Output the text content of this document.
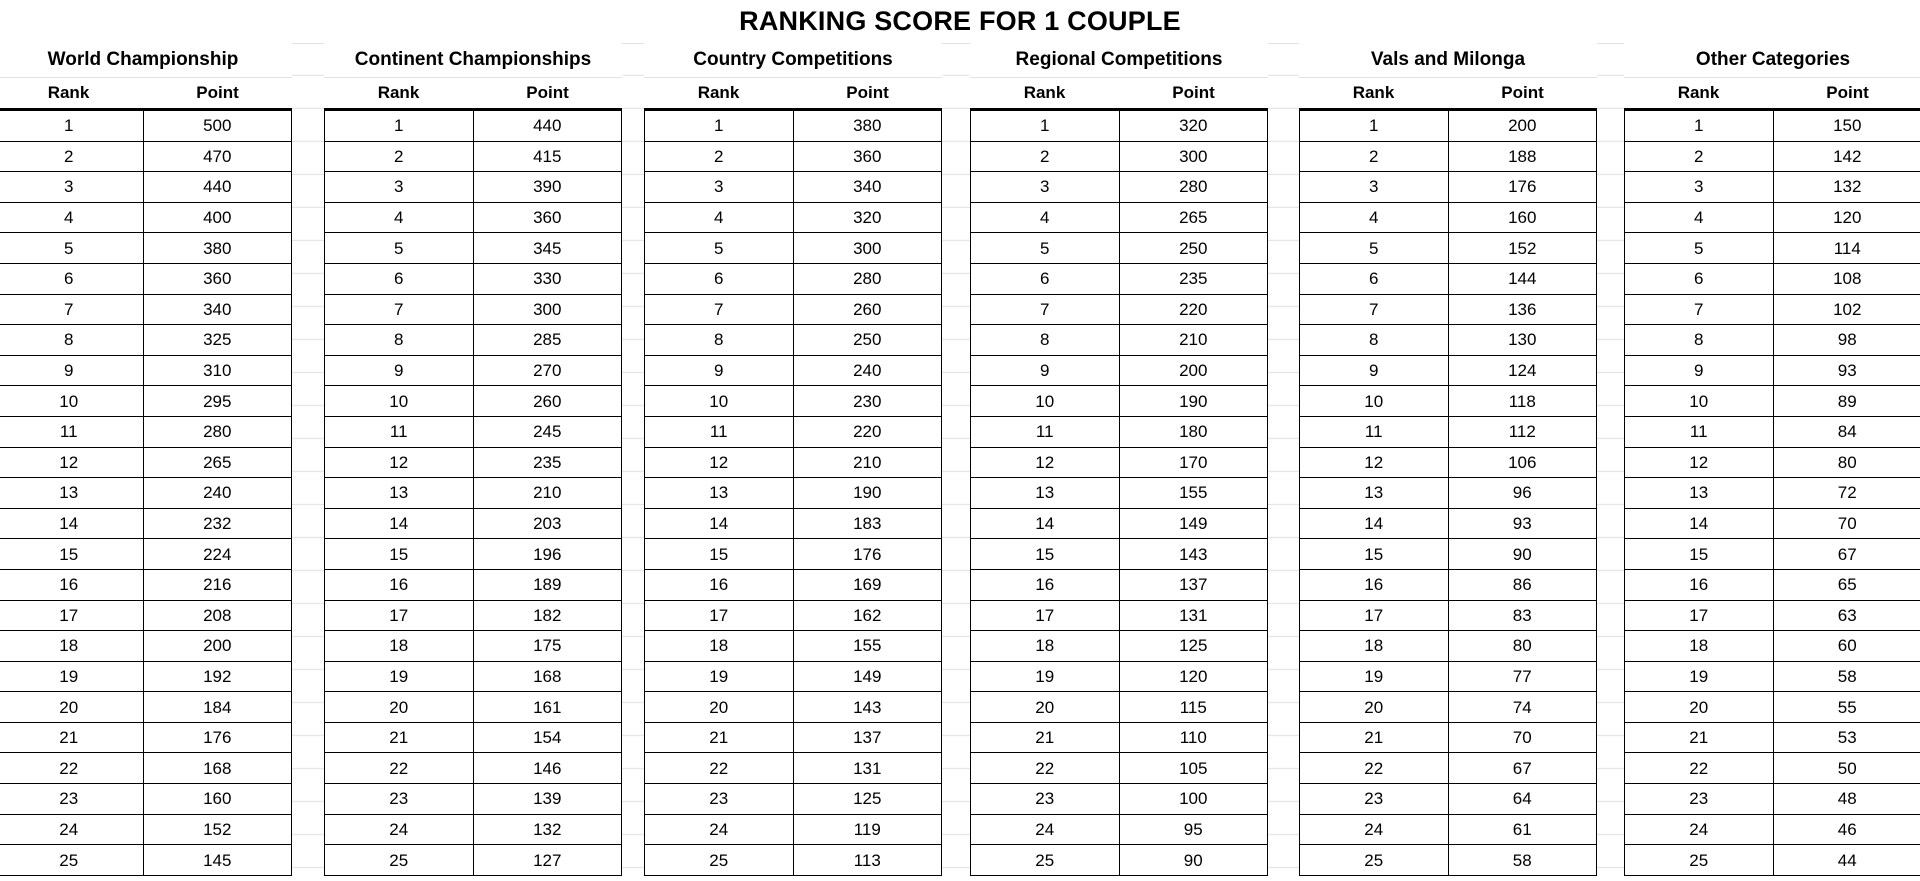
RANKING SCORE FOR 1 COUPLE
World Championship
Rank	Point
1	500
2	470
3	440
4	400
5	380
6	360
7	340
8	325
9	310
10	295
11	280
12	265
13	240
14	232
15	224
16	216
17	208
18	200
19	192
20	184
21	176
22	168
23	160
24	152
25	145
Continent Championships
Rank	Point
1	440
2	415
3	390
4	360
5	345
6	330
7	300
8	285
9	270
10	260
11	245
12	235
13	210
14	203
15	196
16	189
17	182
18	175
19	168
20	161
21	154
22	146
23	139
24	132
25	127
Country Competitions
Rank	Point
1	380
2	360
3	340
4	320
5	300
6	280
7	260
8	250
9	240
10	230
11	220
12	210
13	190
14	183
15	176
16	169
17	162
18	155
19	149
20	143
21	137
22	131
23	125
24	119
25	113
Regional Competitions
Rank	Point
1	320
2	300
3	280
4	265
5	250
6	235
7	220
8	210
9	200
10	190
11	180
12	170
13	155
14	149
15	143
16	137
17	131
18	125
19	120
20	115
21	110
22	105
23	100
24	95
25	90
Vals and Milonga
Rank	Point
1	200
2	188
3	176
4	160
5	152
6	144
7	136
8	130
9	124
10	118
11	112
12	106
13	96
14	93
15	90
16	86
17	83
18	80
19	77
20	74
21	70
22	67
23	64
24	61
25	58
Other Categories
Rank	Point
1	150
2	142
3	132
4	120
5	114
6	108
7	102
8	98
9	93
10	89
11	84
12	80
13	72
14	70
15	67
16	65
17	63
18	60
19	58
20	55
21	53
22	50
23	48
24	46
25	44
